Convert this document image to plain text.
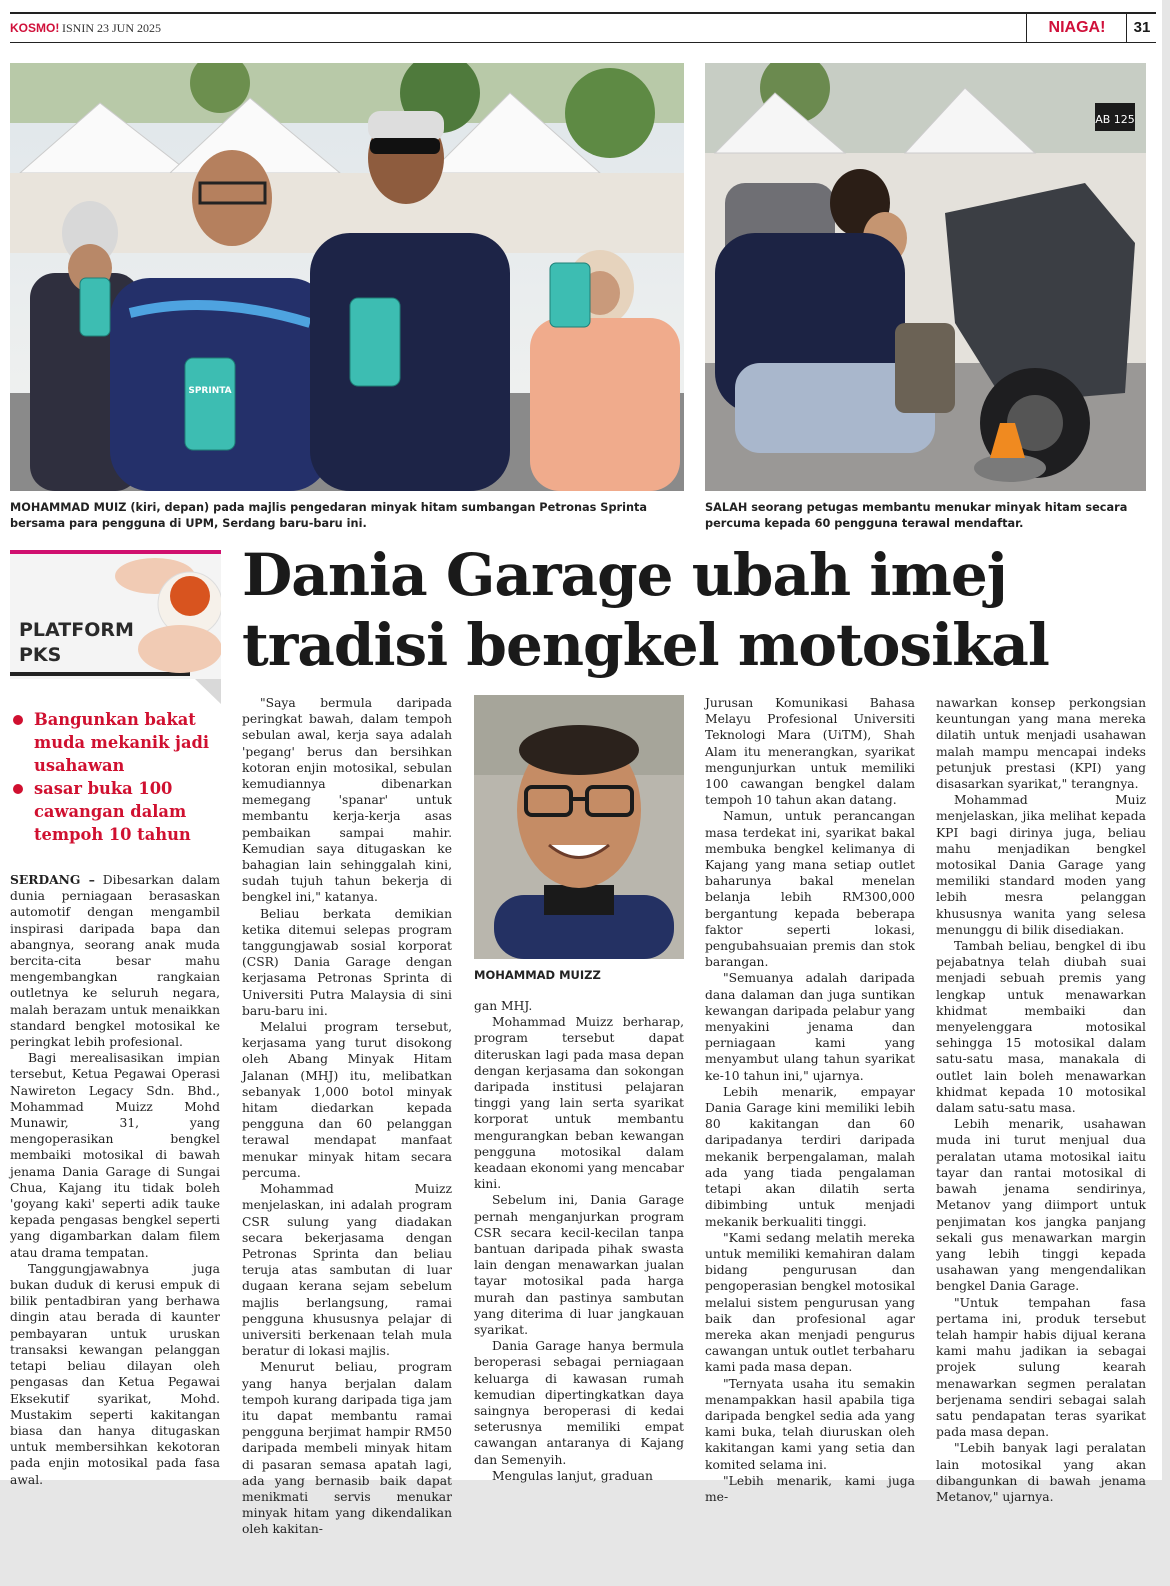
KOSMO! ISNIN 23 JUN 2025	NIAGA!	31
SPRINTA
AB 125
MOHAMMAD MUIZ (kiri, depan) pada majlis pengedaran minyak hitam sumbangan Petronas Sprinta bersama para pengguna di UPM, Serdang baru-baru ini.
SALAH seorang petugas membantu menukar minyak hitam secara percuma kepada 60 pengguna terawal mendaftar.
PLATFORM
PKS
Dania Garage ubah imej
tradisi bengkel motosikal
Bangunkan bakat muda mekanik jadi usahawan
sasar buka 100 cawangan dalam tempoh 10 tahun

SERDANG – Dibesarkan dalam dunia perniagaan berasaskan automotif dengan mengambil inspirasi daripada bapa dan abangnya, seorang anak muda bercita-cita besar mahu mengembangkan rangkaian outletnya ke seluruh negara, malah berazam untuk menaikkan standard bengkel motosikal ke peringkat lebih profesional.

Bagi merealisasikan impian tersebut, Ketua Pegawai Operasi Nawireton Legacy Sdn. Bhd., Mohammad Muizz Mohd Munawir, 31, yang mengoperasikan bengkel membaiki motosikal di bawah jenama Dania Garage di Sungai Chua, Kajang itu tidak boleh 'goyang kaki' seperti adik tauke kepada pengasas bengkel seperti yang digambarkan dalam filem atau drama tempatan.

Tanggungjawabnya juga bukan duduk di kerusi empuk di bilik pentadbiran yang berhawa dingin atau berada di kaunter pembayaran untuk uruskan transaksi kewangan pelanggan tetapi beliau dilayan oleh pengasas dan Ketua Pegawai Eksekutif syarikat, Mohd. Mustakim seperti kakitangan biasa dan hanya ditugaskan untuk membersihkan kekotoran pada enjin motosikal pada fasa awal.

"Saya bermula daripada peringkat bawah, dalam tempoh sebulan awal, kerja saya adalah 'pegang' berus dan bersihkan kotoran enjin motosikal, sebulan kemudiannya dibenarkan memegang 'spanar' untuk membantu kerja-kerja asas pembaikan sampai mahir. Kemudian saya ditugaskan ke bahagian lain sehinggalah kini, sudah tujuh tahun bekerja di bengkel ini," katanya.

Beliau berkata demikian ketika ditemui selepas program tanggungjawab sosial korporat (CSR) Dania Garage dengan kerjasama Petronas Sprinta di Universiti Putra Malaysia di sini baru-baru ini.

Melalui program tersebut, kerjasama yang turut disokong oleh Abang Minyak Hitam Jalanan (MHJ) itu, melibatkan sebanyak 1,000 botol minyak hitam diedarkan kepada pengguna dan 60 pelanggan terawal mendapat manfaat menukar minyak hitam secara percuma.

Mohammad Muizz menjelaskan, ini adalah program CSR sulung yang diadakan secara bekerjasama dengan Petronas Sprinta dan beliau teruja atas sambutan di luar dugaan kerana sejam sebelum majlis berlangsung, ramai pengguna khususnya pelajar di universiti berkenaan telah mula beratur di lokasi majlis.

Menurut beliau, program yang hanya berjalan dalam tempoh kurang daripada tiga jam itu dapat membantu ramai pengguna berjimat hampir RM50 daripada membeli minyak hitam di pasaran semasa apatah lagi, ada yang bernasib baik dapat menikmati servis menukar minyak hitam yang dikendalikan oleh kakitan-

MOHAMMAD MUIZZ

gan MHJ.

Mohammad Muizz berharap, program tersebut dapat diteruskan lagi pada masa depan dengan kerjasama dan sokongan daripada institusi pelajaran tinggi yang lain serta syarikat korporat untuk membantu mengurangkan beban kewangan pengguna motosikal dalam keadaan ekonomi yang mencabar kini.

Sebelum ini, Dania Garage pernah menganjurkan program CSR secara kecil-kecilan tanpa bantuan daripada pihak swasta lain dengan menawarkan jualan tayar motosikal pada harga murah dan pastinya sambutan yang diterima di luar jangkauan syarikat.

Dania Garage hanya bermula beroperasi sebagai perniagaan keluarga di kawasan rumah kemudian dipertingkatkan daya saingnya beroperasi di kedai seterusnya memiliki empat cawangan antaranya di Kajang dan Semenyih.

Mengulas lanjut, graduan

Jurusan Komunikasi Bahasa Melayu Profesional Universiti Teknologi Mara (UiTM), Shah Alam itu menerangkan, syarikat mengunjurkan untuk memiliki 100 cawangan bengkel dalam tempoh 10 tahun akan datang.

Namun, untuk perancangan masa terdekat ini, syarikat bakal membuka bengkel kelimanya di Kajang yang mana setiap outlet baharunya bakal menelan belanja lebih RM300,000 bergantung kepada beberapa faktor seperti lokasi, pengubahsuaian premis dan stok barangan.

"Semuanya adalah daripada dana dalaman dan juga suntikan kewangan daripada pelabur yang menyakini jenama dan perniagaan kami yang menyambut ulang tahun syarikat ke-10 tahun ini," ujarnya.

Lebih menarik, empayar Dania Garage kini memiliki lebih 80 kakitangan dan 60 daripadanya terdiri daripada mekanik berpengalaman, malah ada yang tiada pengalaman tetapi akan dilatih serta dibimbing untuk menjadi mekanik berkualiti tinggi.

"Kami sedang melatih mereka untuk memiliki kemahiran dalam bidang pengurusan dan pengoperasian bengkel motosikal melalui sistem pengurusan yang baik dan profesional agar mereka akan menjadi pengurus cawangan untuk outlet terbaharu kami pada masa depan.

"Ternyata usaha itu semakin menampakkan hasil apabila tiga daripada bengkel sedia ada yang kami buka, telah diuruskan oleh kakitangan kami yang setia dan komited selama ini.

"Lebih menarik, kami juga me-

nawarkan konsep perkongsian keuntungan yang mana mereka dilatih untuk menjadi usahawan malah mampu mencapai indeks petunjuk prestasi (KPI) yang disasarkan syarikat," terangnya.

Mohammad Muiz menjelaskan, jika melihat kepada KPI bagi dirinya juga, beliau mahu menjadikan bengkel motosikal Dania Garage yang memiliki standard moden yang lebih mesra pelanggan khususnya wanita yang selesa menunggu di bilik disediakan.

Tambah beliau, bengkel di ibu pejabatnya telah diubah suai menjadi sebuah premis yang lengkap untuk menawarkan khidmat membaiki dan menyelenggara motosikal sehingga 15 motosikal dalam satu-satu masa, manakala di outlet lain boleh menawarkan khidmat kepada 10 motosikal dalam satu-satu masa.

Lebih menarik, usahawan muda ini turut menjual dua peralatan utama motosikal iaitu tayar dan rantai motosikal di bawah jenama sendirinya, Metanov yang diimport untuk penjimatan kos jangka panjang sekali gus menawarkan margin yang lebih tinggi kepada usahawan yang mengendalikan bengkel Dania Garage.

"Untuk tempahan fasa pertama ini, produk tersebut telah hampir habis dijual kerana kami mahu jadikan ia sebagai projek sulung kearah menawarkan segmen peralatan berjenama sendiri sebagai salah satu pendapatan teras syarikat pada masa depan.

"Lebih banyak lagi peralatan lain motosikal yang akan dibangunkan di bawah jenama Metanov," ujarnya.
